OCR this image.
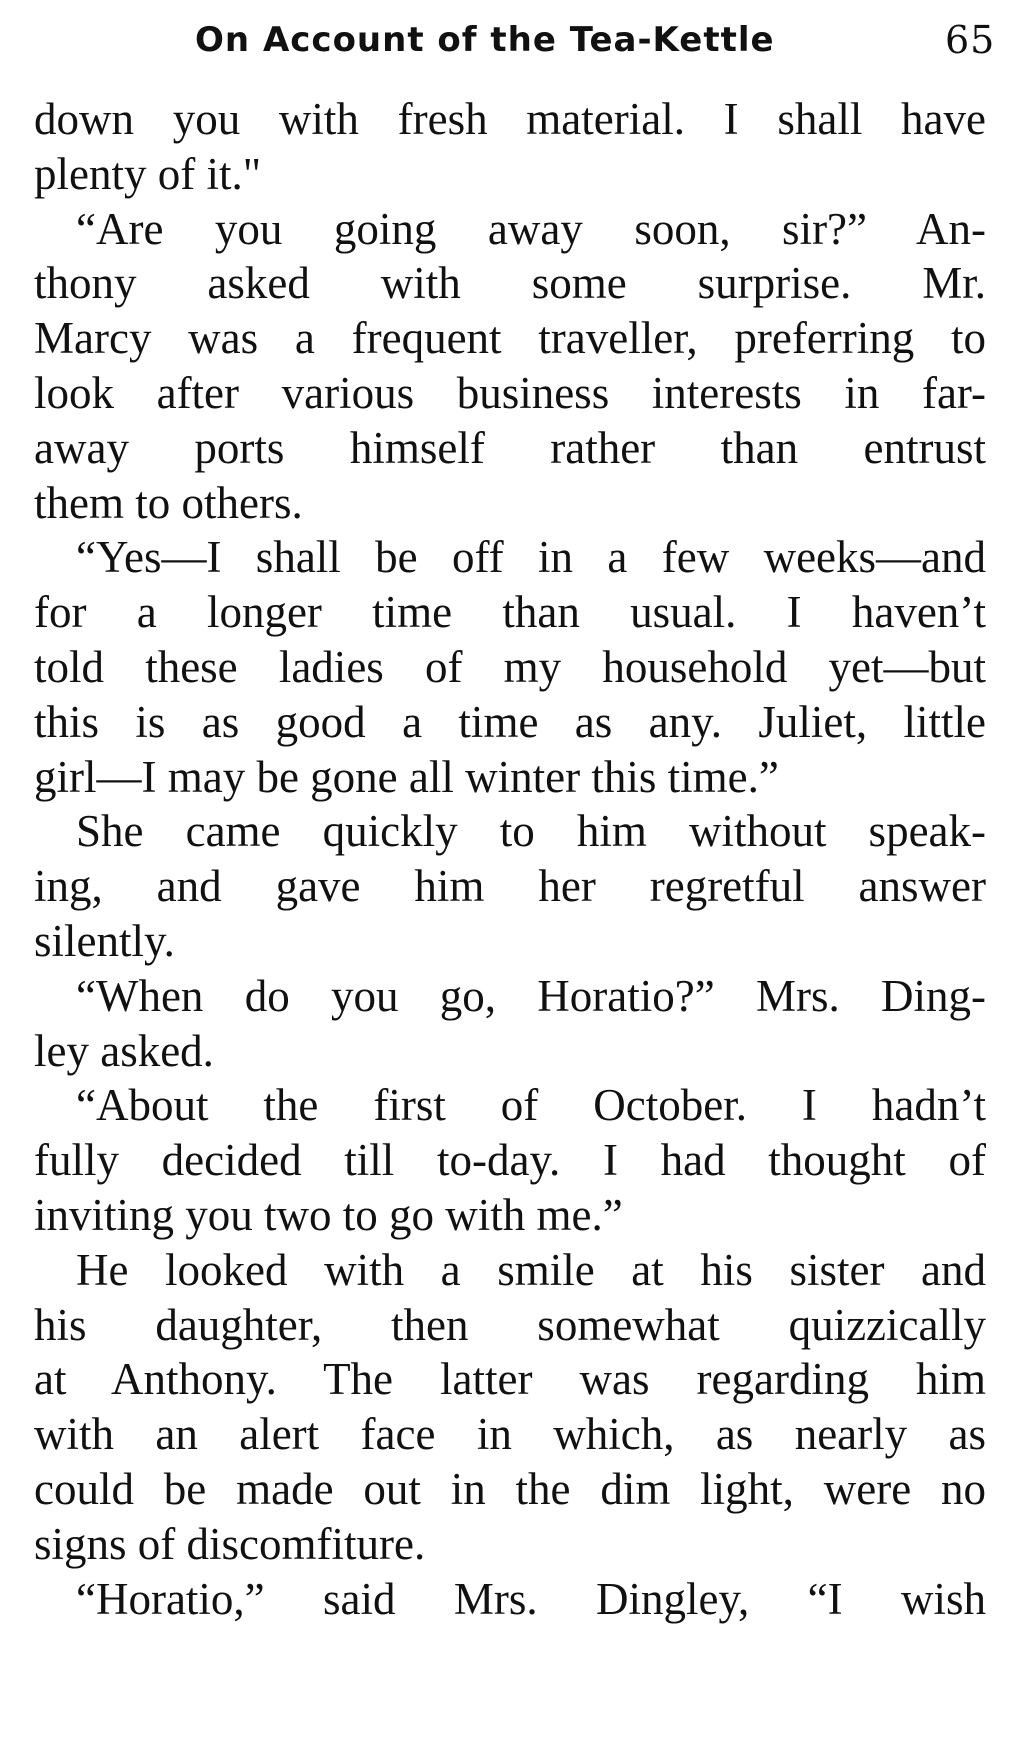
On Account of the Tea-Kettle	65
down you with fresh material. I shall have
plenty of it."
“Are you going away soon, sir?” An-
thony asked with some surprise. Mr.
Marcy was a frequent traveller, preferring to
look after various business interests in far-
away ports himself rather than entrust
them to others.
“Yes—I shall be off in a few weeks—and
for a longer time than usual. I haven’t
told these ladies of my household yet—but
this is as good a time as any. Juliet, little
girl—I may be gone all winter this time.”
She came quickly to him without speak-
ing, and gave him her regretful answer
silently.
“When do you go, Horatio?” Mrs. Ding-
ley asked.
“About the first of October. I hadn’t
fully decided till to-day. I had thought of
inviting you two to go with me.”
He looked with a smile at his sister and
his daughter, then somewhat quizzically
at Anthony. The latter was regarding him
with an alert face in which, as nearly as
could be made out in the dim light, were no
signs of discomfiture.
“Horatio,” said Mrs. Dingley, “I wish
